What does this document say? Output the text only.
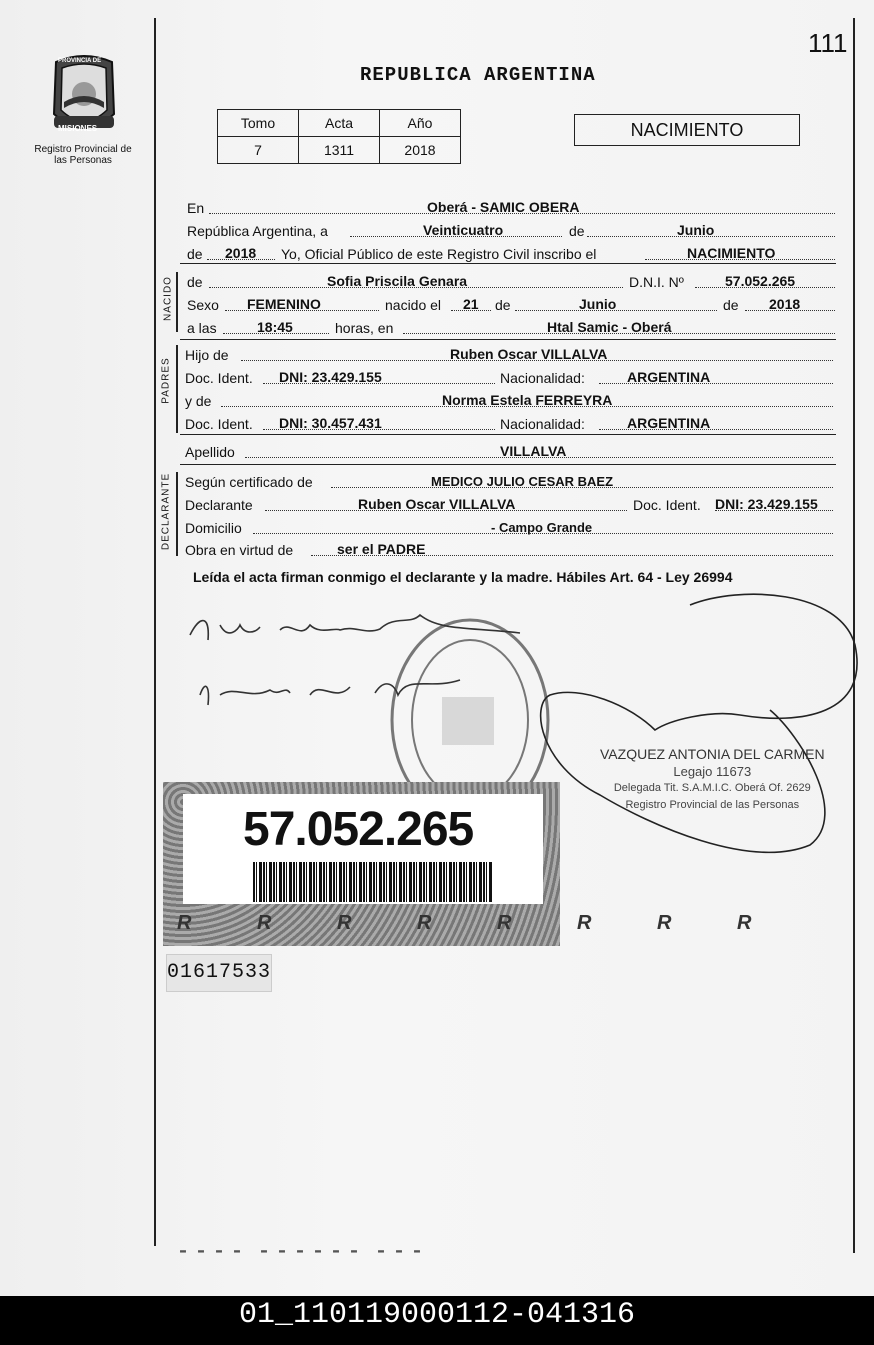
111
PROVINCIA DE
MISIONES
Registro Provincial de las Personas
REPUBLICA ARGENTINA
Tomo	Acta	Año
7	1311	2018
NACIMIENTO
En	Oberá - SAMIC OBERA
República Argentina, a	Veinticuatro	de	Junio
de 2018 Yo, Oficial Público de este Registro Civil inscribo el	NACIMIENTO
NACIDO de	Sofia Priscila Genara	D.N.I. Nº	57.052.265
Sexo FEMENINO	nacido el 21 de	Junio	de 2018
a las	18:45	horas, en	Htal Samic - Oberá
PADRES
Hijo de	Ruben Oscar VILLALVA
Doc. Ident. DNI: 23.429.155	Nacionalidad:	ARGENTINA
y de	Norma Estela FERREYRA
Doc. Ident. DNI: 30.457.431	Nacionalidad:	ARGENTINA
Apellido	VILLALVA
DECLARANTE Según certificado de	MEDICO JULIO CESAR BAEZ
Declarante	Ruben Oscar VILLALVA	Doc. Ident. DNI: 23.429.155
Domicilio	- Campo Grande
Obra en virtud de	ser el PADRE
Leída el acta firman conmigo el declarante y la madre. Hábiles Art. 64 - Ley 26994
VAZQUEZ ANTONIA DEL CARMEN
Legajo 11673
Delegada Tit. S.A.M.I.C. Oberá Of. 2629
Registro Provincial de las Personas
57.052.265
R R R R R R R R
01617533
▬ ▬ ▬ ▬  ▬ ▬ ▬ ▬ ▬ ▬  ▬ ▬ ▬
01_110119000112-041316
